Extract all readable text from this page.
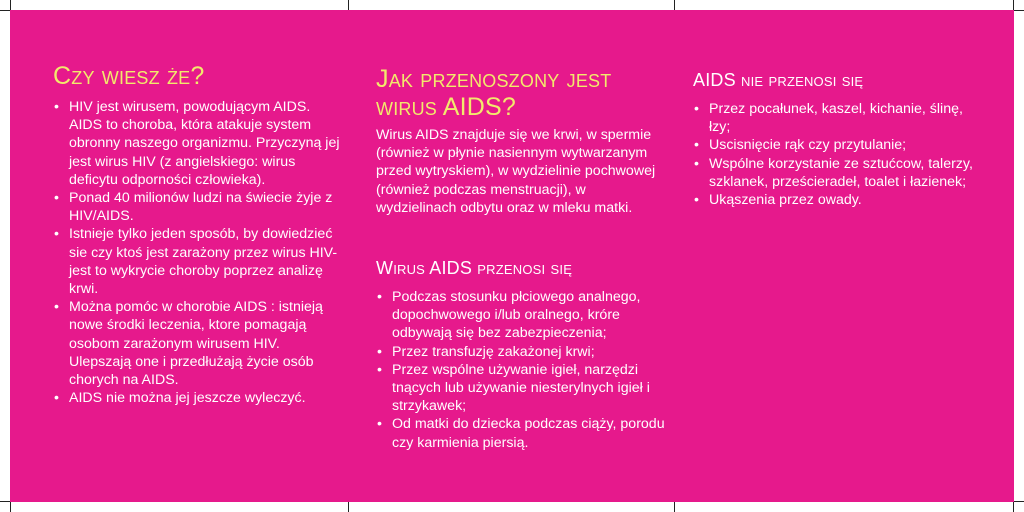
Czy wiesz że?
• HIV jest wirusem, powodującym AIDS. AIDS to choroba, która atakuje system obronny naszego organizmu. Przyczyną jej jest wirus HIV (z angielskiego: wirus deficytu odporności człowieka).
• Ponad 40 milionów ludzi na świecie żyje z HIV/AIDS.
• Istnieje tylko jeden sposób, by dowiedzieć sie czy ktoś jest zarażony przez wirus HIV-jest to wykrycie choroby poprzez analizę krwi.
• Można pomóc w chorobie AIDS : istnieją nowe środki leczenia, ktore pomagają osobom zarażonym wirusem HIV. Ulepszają one i przedłużają życie osób chorych na AIDS.
• AIDS nie można jej jeszcze wyleczyć.
Jak przenoszony jest wirus AIDS?

Wirus AIDS znajduje się we krwi, w spermie (również w płynie nasiennym wytwarzanym przed wytryskiem), w wydzielinie pochwowej (również podczas menstruacji), w wydzielinach odbytu oraz w mleku matki.

Wirus AIDS przenosi się
• Podczas stosunku płciowego analnego, dopochwowego i/lub oralnego, króre odbywają się bez zabezpieczenia;
• Przez transfuzję zakażonej krwi;
• Przez wspólne używanie igieł, narzędzi tnących lub używanie niesterylnych igieł i strzykawek;
• Od matki do dziecka podczas ciąży, porodu czy karmienia piersią.
AIDS nie przenosi się
• Przez pocałunek, kaszel, kichanie, ślinę, łzy;
• Uscisnięcie rąk czy przytulanie;
• Wspólne korzystanie ze sztućcow, talerzy, szklanek, prześcieradeł, toalet i łazienek;
• Ukąszenia przez owady.
